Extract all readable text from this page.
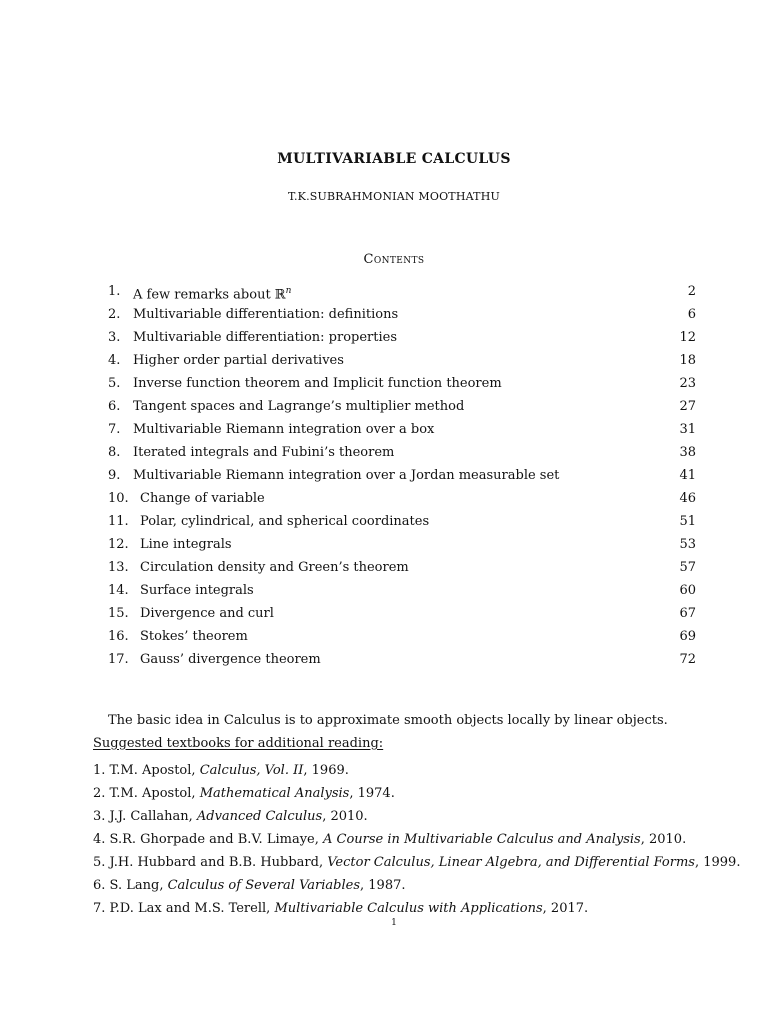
MULTIVARIABLE CALCULUS
T.K.SUBRAHMONIAN MOOTHATHU
Contents
1. A few remarks about ℝ$^n$	2
2. Multivariable differentiation: definitions	6
3. Multivariable differentiation: properties	12
4. Higher order partial derivatives	18
5. Inverse function theorem and Implicit function theorem	23
6. Tangent spaces and Lagrange’s multiplier method	27
7. Multivariable Riemann integration over a box	31
8. Iterated integrals and Fubini’s theorem	38
9. Multivariable Riemann integration over a Jordan measurable set	41
10. Change of variable	46
11. Polar, cylindrical, and spherical coordinates	51
12. Line integrals	53
13. Circulation density and Green’s theorem	57
14. Surface integrals	60
15. Divergence and curl	67
16. Stokes’ theorem	69
17. Gauss’ divergence theorem	72
The basic idea in Calculus is to approximate smooth objects locally by linear objects.
Suggested textbooks for additional reading:
1. T.M. Apostol, Calculus, Vol. II, 1969.
2. T.M. Apostol, Mathematical Analysis, 1974.
3. J.J. Callahan, Advanced Calculus, 2010.
4. S.R. Ghorpade and B.V. Limaye, A Course in Multivariable Calculus and Analysis, 2010.
5. J.H. Hubbard and B.B. Hubbard, Vector Calculus, Linear Algebra, and Differential Forms, 1999.
6. S. Lang, Calculus of Several Variables, 1987.
7. P.D. Lax and M.S. Terell, Multivariable Calculus with Applications, 2017.
1
